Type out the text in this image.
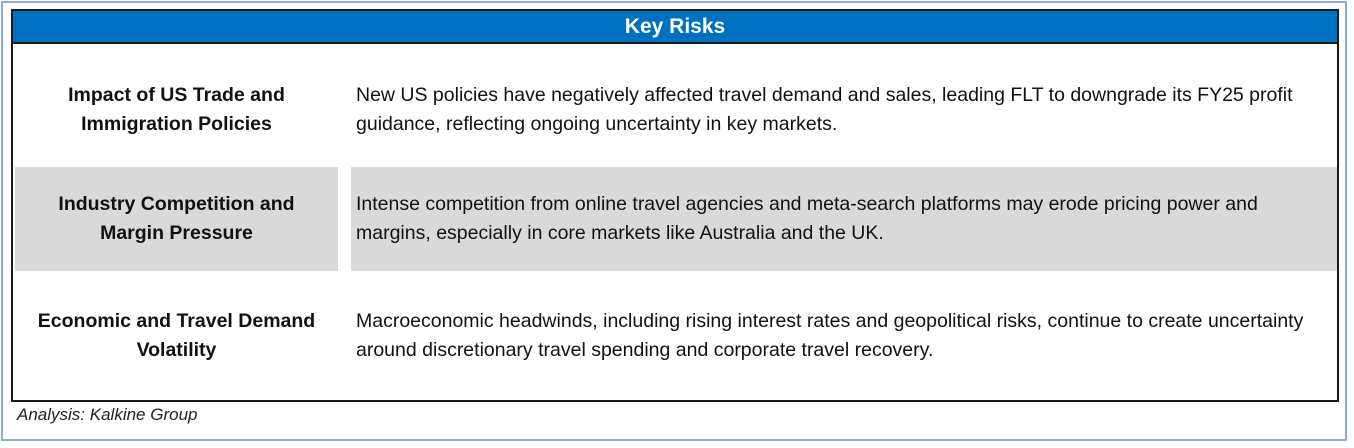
Key Risks
Impact of US Trade and Immigration Policies
New US policies have negatively affected travel demand and sales, leading FLT to downgrade its FY25 profit guidance, reflecting ongoing uncertainty in key markets.
Industry Competition and Margin Pressure
Intense competition from online travel agencies and meta-search platforms may erode pricing power and margins, especially in core markets like Australia and the UK.
Economic and Travel Demand Volatility
Macroeconomic headwinds, including rising interest rates and geopolitical risks, continue to create uncertainty around discretionary travel spending and corporate travel recovery.
Analysis: Kalkine Group
